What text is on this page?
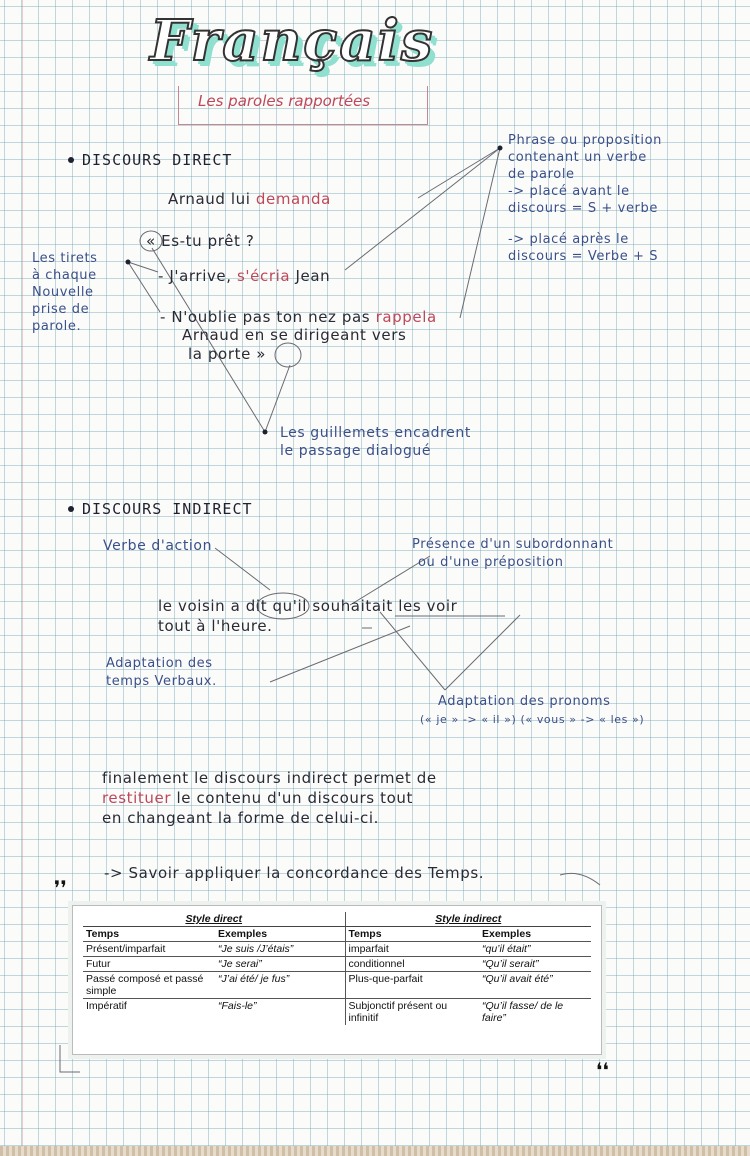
Français
Les paroles rapportées
DISCOURS DIRECT
Arnaud lui demanda
« Es-tu prêt ?
- J'arrive, s'écria Jean
- N'oublie pas ton nez pas rappela
Arnaud en se dirigeant vers
la porte »
Les tirets
à chaque
Nouvelle
prise de
parole.
Phrase ou proposition
contenant un verbe
de parole
-> placé avant le
discours = S + verbe
-> placé après le
discours = Verbe + S
Les guillemets encadrent
le passage dialogué
DISCOURS INDIRECT
Verbe d'action	Présence d'un subordonnant
ou d'une préposition
le voisin a dit qu'il souhaitait les voir
tout à l'heure.
Adaptation des
temps Verbaux.
Adaptation des pronoms
(« je » -> « il ») (« vous » -> « les »)
finalement le discours indirect permet de
restituer le contenu d'un discours tout
en changeant la forme de celui-ci.
-> Savoir appliquer la concordance des Temps.
❜❜
❛❛
Style direct		Style indirect	
Temps	Exemples	Temps	Exemples
Présent/imparfait	“Je suis /J’étais”	imparfait	“qu’il était”
Futur	“Je serai”	conditionnel	“Qu’il serait”
Passé composé et passé simple	“J’ai été/ je fus”	Plus-que-parfait	“Qu’il avait été”
Impératif	“Fais-le”	Subjonctif présent ou infinitif	“Qu’il fasse/ de le faire”
